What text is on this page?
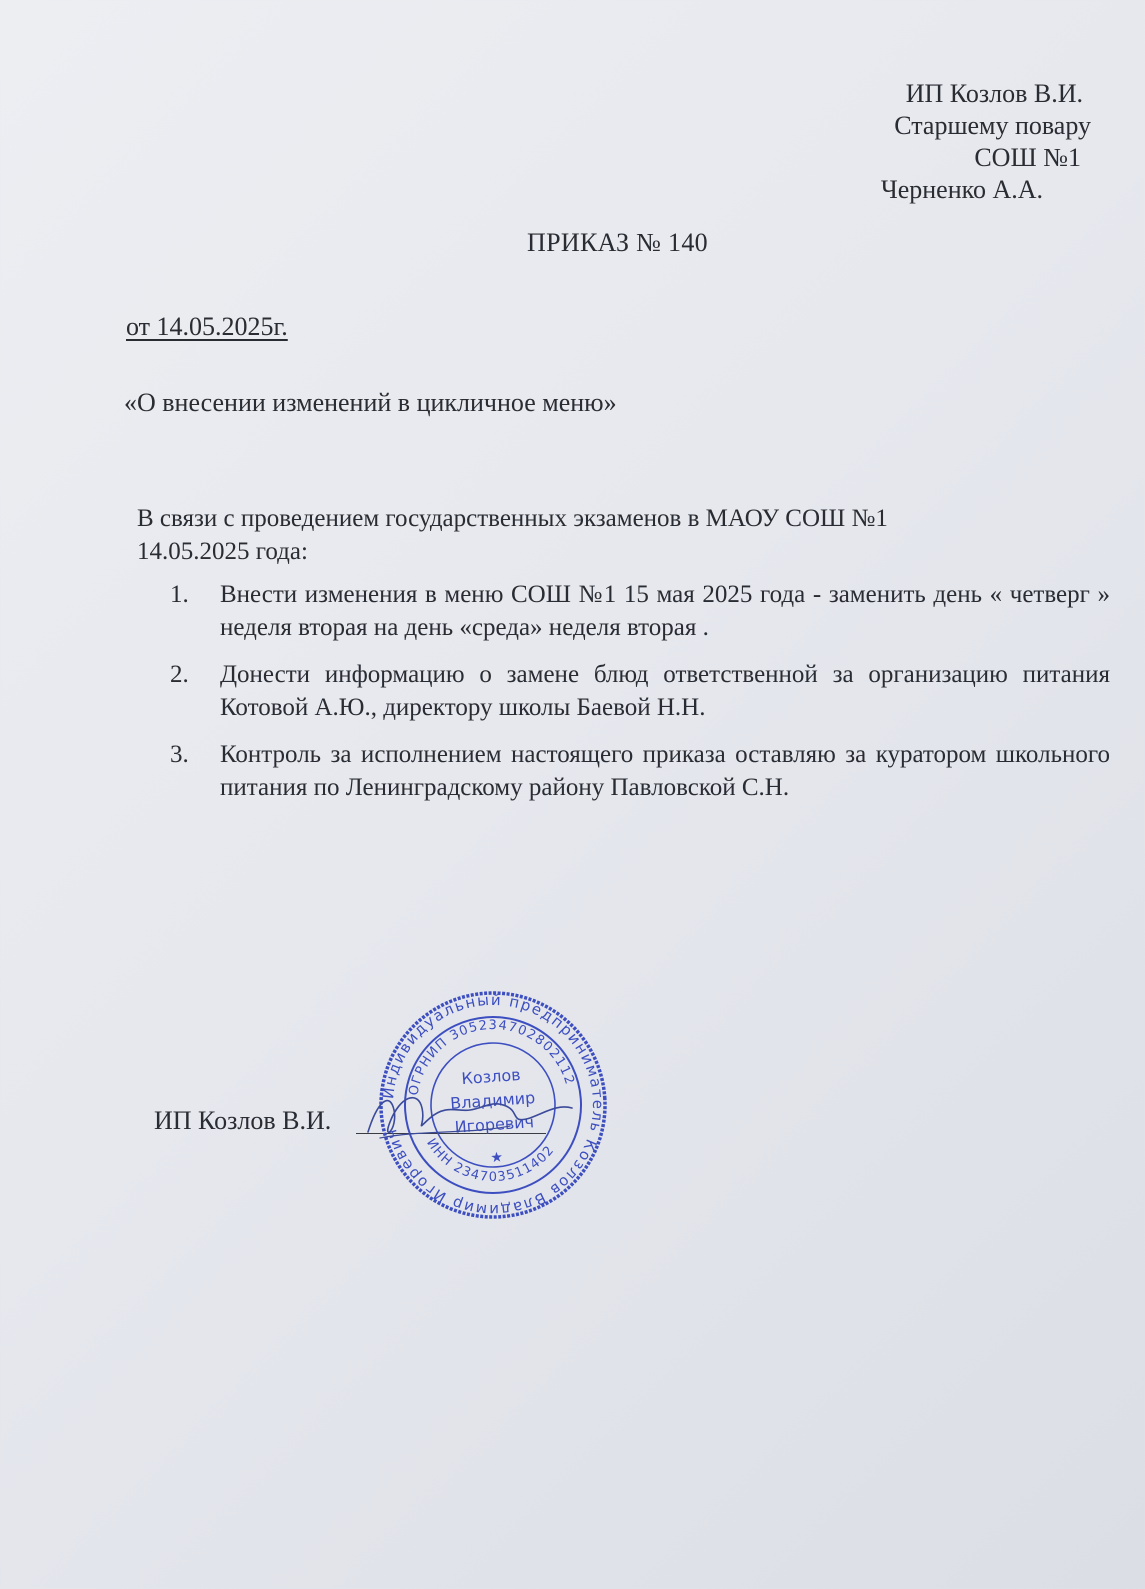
ИП Козлов В.И.
Старшему повару
СОШ №1
Черненко А.А.
ПРИКАЗ № 140
от 14.05.2025г.
«О внесении изменений в цикличное меню»
В связи с проведением государственных экзаменов в МАОУ СОШ №1
14.05.2025 года:
1. Внести изменения в меню СОШ №1 15 мая 2025 года - заменить день « четверг » неделя вторая на день «среда» неделя вторая .
2. Донести информацию о замене блюд ответственной за организацию питания Котовой А.Ю., директору школы Баевой Н.Н.
3. Контроль за исполнением настоящего приказа оставляю за куратором школьного питания по Ленинградскому району Павловской С.Н.
ИП Козлов В.И.
Индивидуальный предприниматель Козлов Владимир Игоревич
ОГРНИП 305234702802112
ИНН 234703511402
Козлов
Владимир
Игоревич
★
